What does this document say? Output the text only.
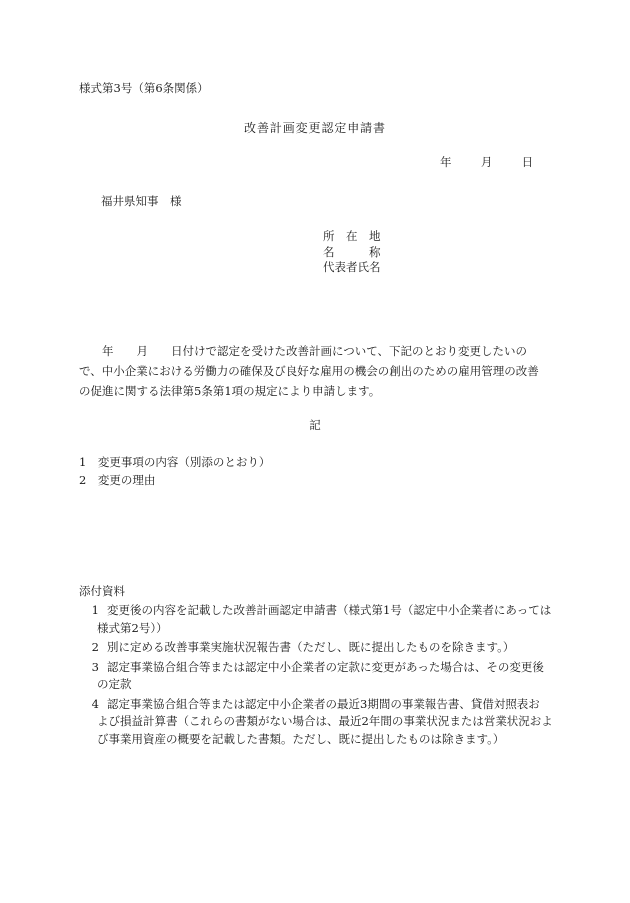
様式第3号（第6条関係）
改善計画変更認定申請書
年	月	日
福井県知事　様
所　在　地
名　　　称
代表者氏名

　　年　　月　　日付けで認定を受けた改善計画について、下記のとおり変更したいの

で、中小企業における労働力の確保及び良好な雇用の機会の創出のための雇用管理の改善

の促進に関する法律第5条第1項の規定により申請します。

記
1　 変更事項の内容（別添のとおり）
2　 変更の理由
添付資料
1 変更後の内容を記載した改善計画認定申請書（様式第1号（認定中小企業者にあっては
様式第2号））
2 別に定める改善事業実施状況報告書（ただし、既に提出したものを除きます。）
3 認定事業協合組合等または認定中小企業者の定款に変更があった場合は、その変更後
の定款
4 認定事業協合組合等または認定中小企業者の最近3期間の事業報告書、貸借対照表お
よび損益計算書（これらの書類がない場合は、最近2年間の事業状況または営業状況およ
び事業用資産の概要を記載した書類。ただし、既に提出したものは除きます。）
